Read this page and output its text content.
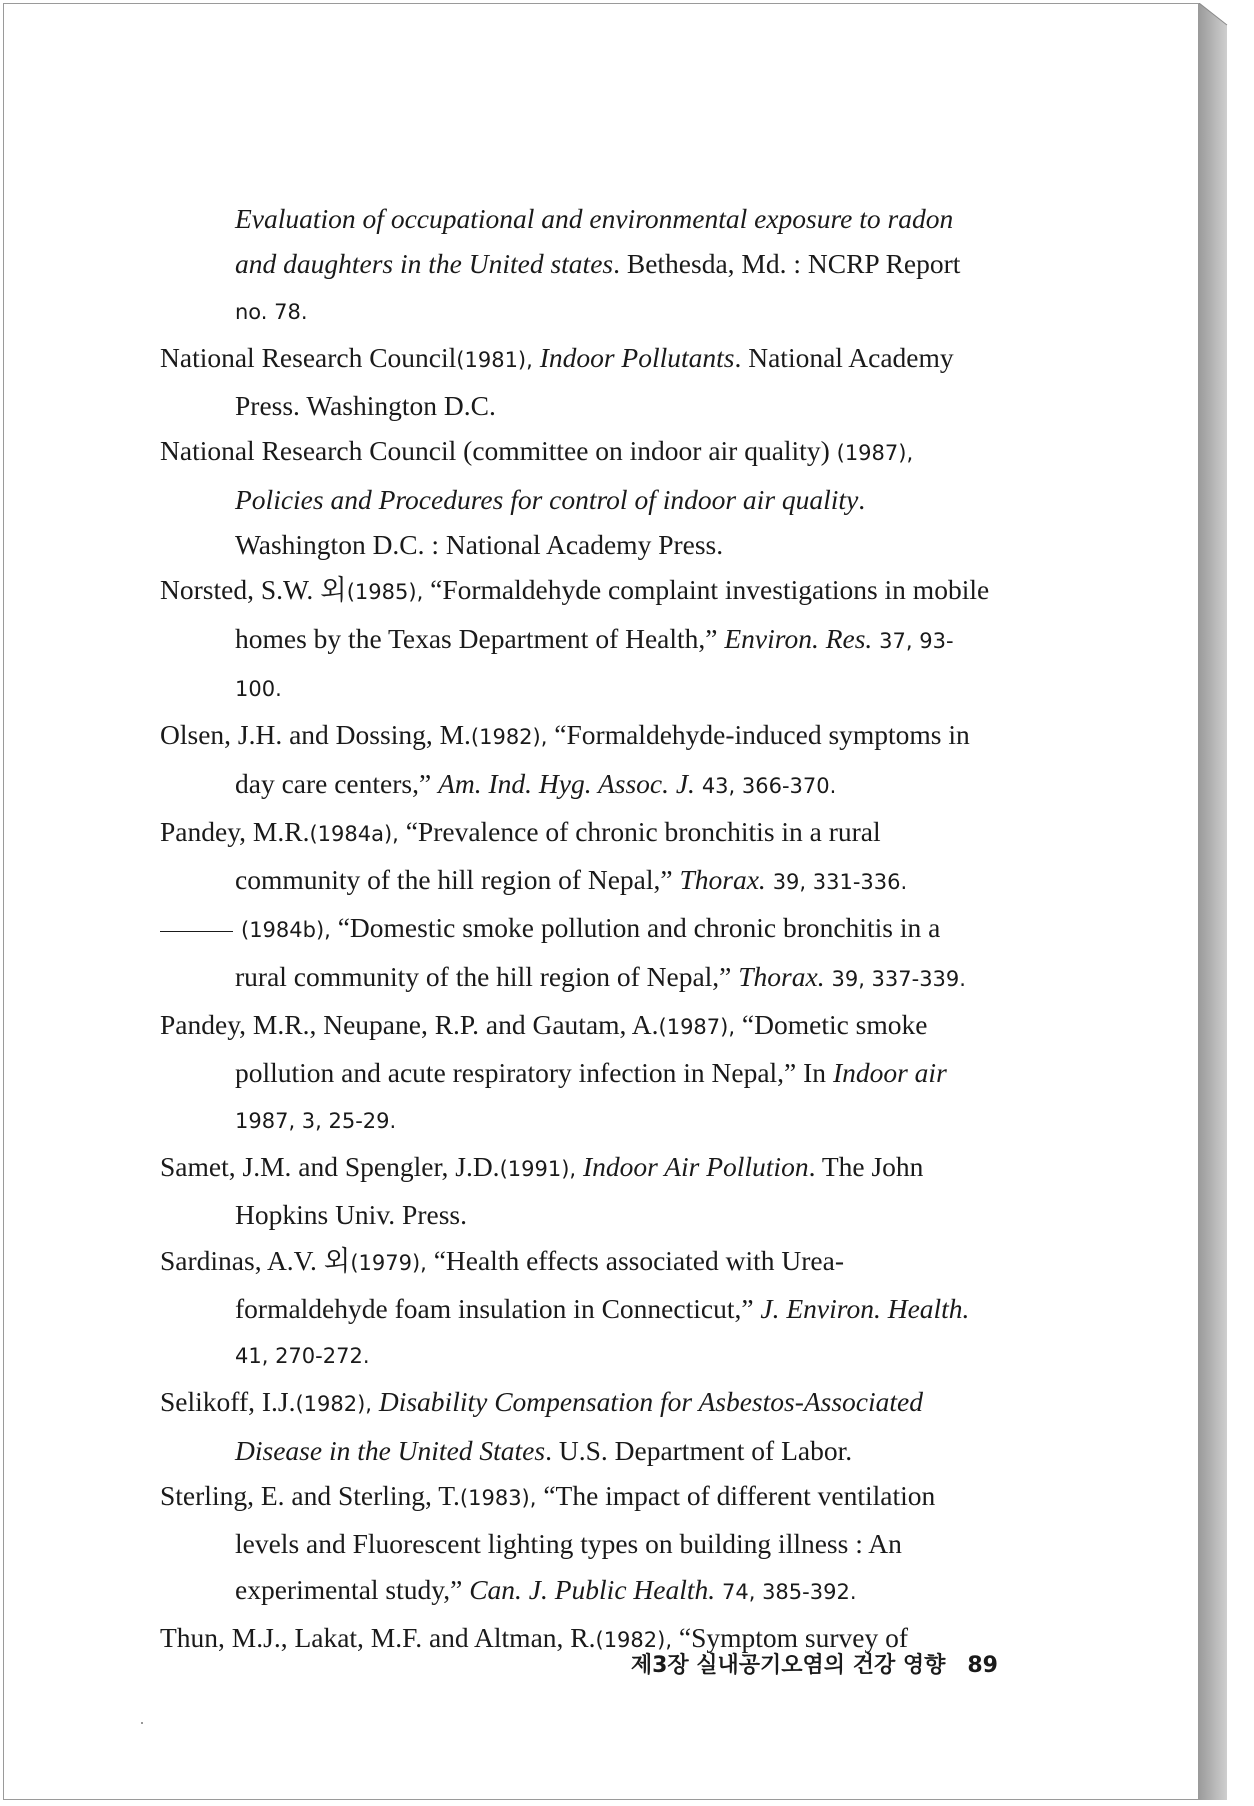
Evaluation of occupational and environmental exposure to radon and daughters in the United states. Bethesda, Md. : NCRP Report no. 78.

National Research Council(1981), Indoor Pollutants. National Academy Press. Washington D.C.

National Research Council (committee on indoor air quality) (1987), Policies and Procedures for control of indoor air quality. Washington D.C. : National Academy Press.

Norsted, S.W. 외(1985), “Formaldehyde complaint investigations in mobile homes by the Texas Department of Health,” Environ. Res. 37, 93-100.

Olsen, J.H. and Dossing, M.(1982), “Formaldehyde-induced symptoms in day care centers,” Am. Ind. Hyg. Assoc. J. 43, 366-370.

Pandey, M.R.(1984a), “Prevalence of chronic bronchitis in a rural community of the hill region of Nepal,” Thorax. 39, 331-336.

(1984b), “Domestic smoke pollution and chronic bronchitis in a rural community of the hill region of Nepal,” Thorax. 39, 337-339.

Pandey, M.R., Neupane, R.P. and Gautam, A.(1987), “Dometic smoke pollution and acute respiratory infection in Nepal,” In Indoor air 1987, 3, 25-29.

Samet, J.M. and Spengler, J.D.(1991), Indoor Air Pollution. The John Hopkins Univ. Press.

Sardinas, A.V. 외(1979), “Health effects associated with Urea-formaldehyde foam insulation in Connecticut,” J. Environ. Health. 41, 270-272.

Selikoff, I.J.(1982), Disability Compensation for Asbestos-Associated Disease in the United States. U.S. Department of Labor.

Sterling, E. and Sterling, T.(1983), “The impact of different ventilation levels and Fluorescent lighting types on building illness : An experimental study,” Can. J. Public Health. 74, 385-392.

Thun, M.J., Lakat, M.F. and Altman, R.(1982), “Symptom survey of

제3장 실내공기오염의 건강 영향 89
